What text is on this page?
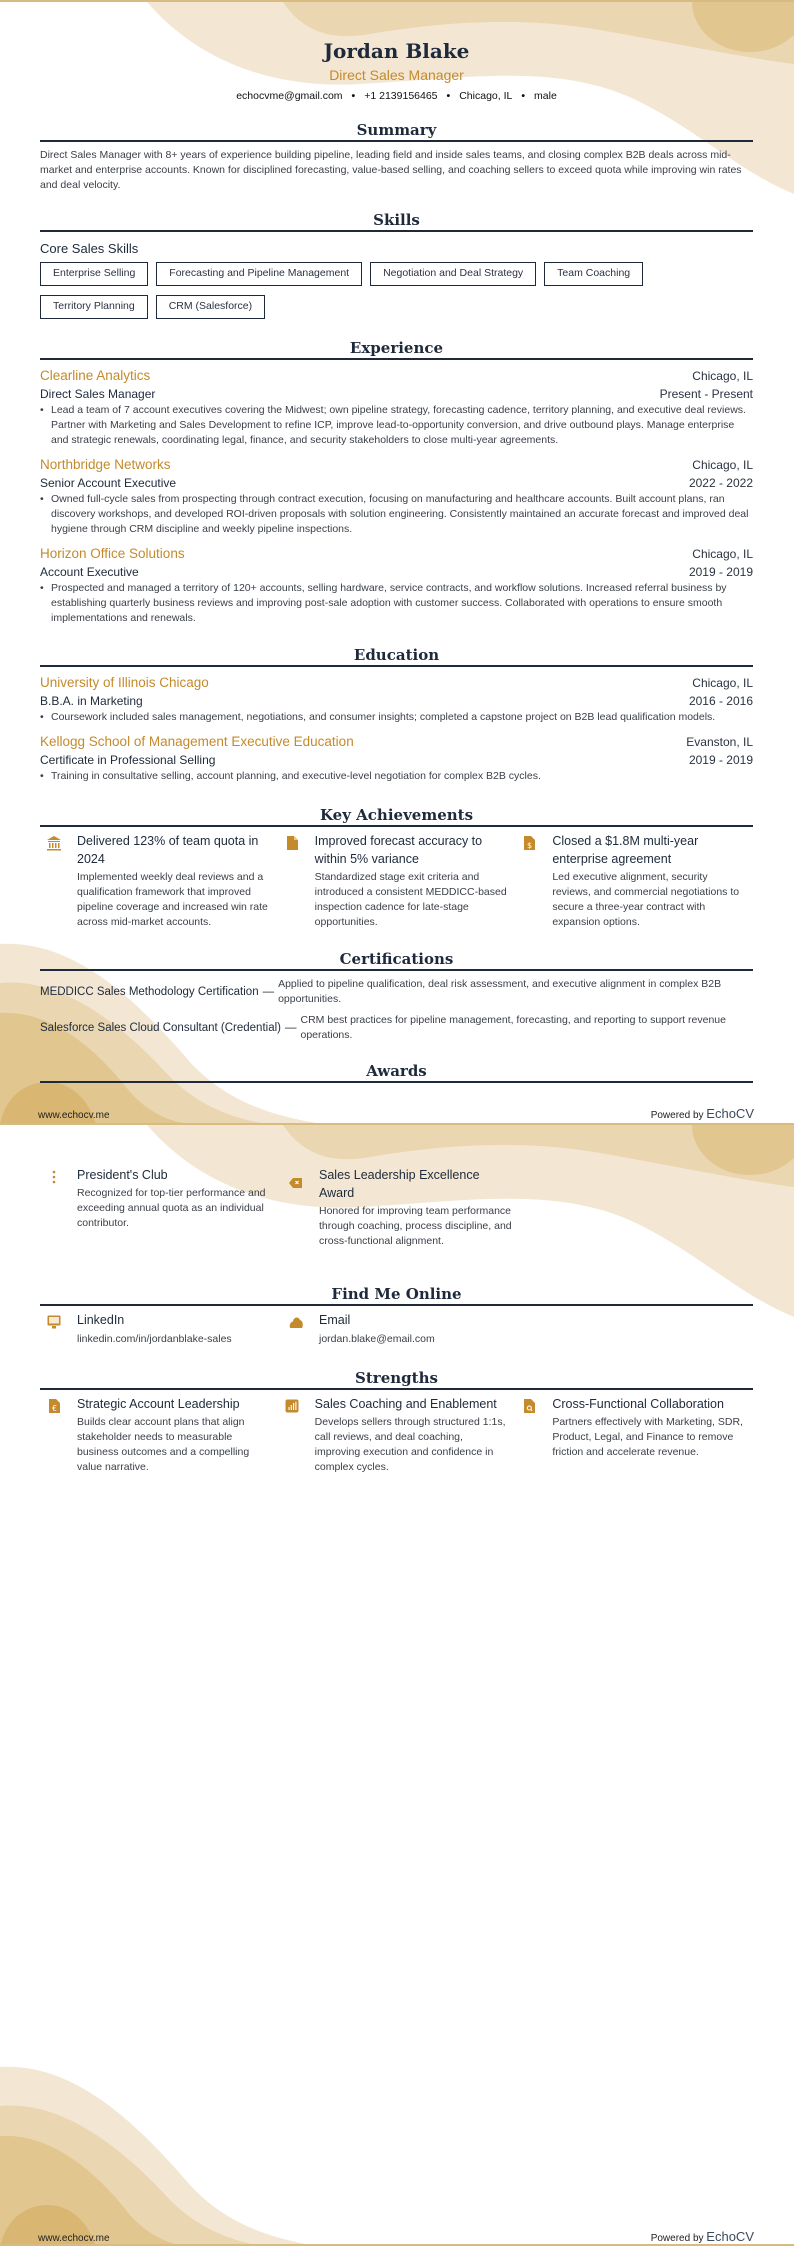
Jordan Blake
Direct Sales Manager
echocvme@gmail.com • +1 2139156465 • Chicago, IL • male
Summary
Direct Sales Manager with 8+ years of experience building pipeline, leading field and inside sales teams, and closing complex B2B deals across mid-market and enterprise accounts. Known for disciplined forecasting, value-based selling, and coaching sellers to exceed quota while improving win rates and deal velocity.
Skills
Core Sales Skills
Enterprise Selling	Forecasting and Pipeline Management	Negotiation and Deal Strategy	Team Coaching
Territory Planning	CRM (Salesforce)
Experience
Clearline Analytics	Chicago, IL
Direct Sales Manager	Present - Present
• Lead a team of 7 account executives covering the Midwest; own pipeline strategy, forecasting cadence, territory planning, and executive deal reviews. Partner with Marketing and Sales Development to refine ICP, improve lead-to-opportunity conversion, and drive outbound plays. Manage enterprise and strategic renewals, coordinating legal, finance, and security stakeholders to close multi-year agreements.
Northbridge Networks	Chicago, IL
Senior Account Executive	2022 - 2022
• Owned full-cycle sales from prospecting through contract execution, focusing on manufacturing and healthcare accounts. Built account plans, ran discovery workshops, and developed ROI-driven proposals with solution engineering. Consistently maintained an accurate forecast and improved deal hygiene through CRM discipline and weekly pipeline inspections.
Horizon Office Solutions	Chicago, IL
Account Executive	2019 - 2019
• Prospected and managed a territory of 120+ accounts, selling hardware, service contracts, and workflow solutions. Increased referral business by establishing quarterly business reviews and improving post-sale adoption with customer success. Collaborated with operations to ensure smooth implementations and renewals.
Education
University of Illinois Chicago	Chicago, IL
B.B.A. in Marketing	2016 - 2016
• Coursework included sales management, negotiations, and consumer insights; completed a capstone project on B2B lead qualification models.
Kellogg School of Management Executive Education	Evanston, IL
Certificate in Professional Selling	2019 - 2019
• Training in consultative selling, account planning, and executive-level negotiation for complex B2B cycles.
Key Achievements
Delivered 123% of team quota in 2024
Implemented weekly deal reviews and a qualification framework that improved pipeline coverage and increased win rate across mid-market accounts.
Improved forecast accuracy to within 5% variance
Standardized stage exit criteria and introduced a consistent MEDDICC-based inspection cadence for late-stage opportunities.
$ Closed a $1.8M multi-year enterprise agreement
Led executive alignment, security reviews, and commercial negotiations to secure a three-year contract with expansion options.
Certifications
MEDDICC Sales Methodology Certification —
Applied to pipeline qualification, deal risk assessment, and executive alignment in complex B2B opportunities.
Salesforce Sales Cloud Consultant (Credential) —
CRM best practices for pipeline management, forecasting, and reporting to support revenue operations.
Awards
www.echocv.me	Powered by EchoCV
President's Club
Recognized for top-tier performance and exceeding annual quota as an individual contributor.
Sales Leadership Excellence Award
Honored for improving team performance through coaching, process discipline, and cross-functional alignment.
Find Me Online
LinkedIn
linkedin.com/in/jordanblake-sales
Email
jordan.blake@email.com
Strengths
€ Strategic Account Leadership
Builds clear account plans that align stakeholder needs to measurable business outcomes and a compelling value narrative.
Sales Coaching and Enablement
Develops sellers through structured 1:1s, call reviews, and deal coaching, improving execution and confidence in complex cycles.
Cross-Functional Collaboration
Partners effectively with Marketing, SDR, Product, Legal, and Finance to remove friction and accelerate revenue.
www.echocv.me	Powered by EchoCV
